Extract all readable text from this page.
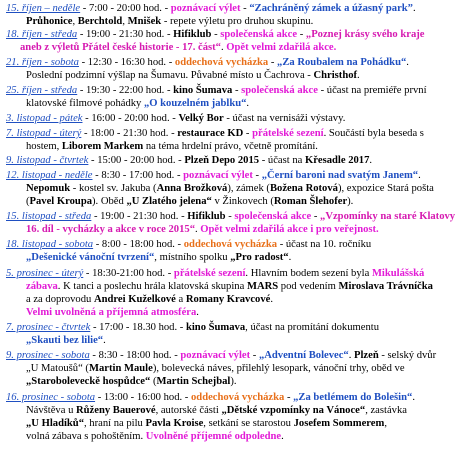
15. říjen – neděle - 7:00 - 20:00 hod. - poznávací výlet - “Zachráněný zámek a úžasný park”.
Průhonice, Berchtold, Mnišek - repete výletu pro druhou skupinu.
18. říjen - středa - 19:00 - 21:30 hod. - Hifiklub - společenská akce - „Poznej krásy svého kraje
aneb z výletů Přátel české historie - 17. část“. Opět velmi zdařilá akce.
21. říjen - sobota - 12:30 - 16:30 hod. - oddechová vycházka - „Za Roubalem na Pohádku“.
Poslední podzimní výšlap na Šumavu. Půvabné místo u Čachrova - Christhof.
25. říjen - středa - 19:30 - 22:00 hod. - kino Šumava - společenská akce - účast na premiéře první
klatovské filmové pohádky „O kouzelném jablku“.
3. listopad - pátek - 16:00 - 20:00 hod. - Velký Bor - účast na vernisáži výstavy.
7. listopad - úterý - 18:00 - 21:30 hod. - restaurace KD - přátelské sezení. Součástí byla beseda s
hostem, Liborem Markem na téma hrdelní právo, včetně promítání.
9. listopad - čtvrtek - 15:00 - 20:00 hod. - Plzeň Depo 2015 - účast na Křesadle 2017.
12. listopad - neděle - 8:30 - 17:00 hod. - poznávací výlet - „Černí baroni nad svatým Janem“.
Nepomuk - kostel sv. Jakuba (Anna Brožková), zámek (Božena Rotová), expozice Stará pošta
(Pavel Kroupa). Oběd „U Zlatého jelena“ v Žinkovech (Roman Šlehofer).
15. listopad - středa - 19:00 - 21:30 hod. - Hifiklub - společenská akce - „Vzpomínky na staré Klatovy
16. díl - vycházky a akce v roce 2015“. Opět velmi zdařilá akce i pro veřejnost.
18. listopad - sobota - 8:00 - 18:00 hod. - oddechová vycházka - účast na 10. ročníku
„Dešenické vánoční tvrzení“, místního spolku „Pro radost“.
5. prosinec - úterý - 18:30-21:00 hod. - přátelské sezení. Hlavním bodem sezení byla Mikulášská
zábava. K tanci a poslechu hrála klatovská skupina MARS pod vedením Miroslava Trávníčka
a za doprovodu Andrei Kuželkové a Romany Kravcové.
Velmi uvolněná a příjemná atmosféra.
7. prosinec - čtvrtek - 17:00 - 18.30 hod. - kino Šumava, účast na promítání dokumentu
„Skauti bez lilie“.
9. prosinec - sobota - 8:30 - 18:00 hod. - poznávací výlet - „Adventní Bolevec“. Plzeň - selský dvůr
„U Matoušů“ (Martin Maule), bolevecká náves, přilehlý lesopark, vánoční trhy, oběd ve
„Staroboleveckě hospůdce“ (Martin Schejbal).
16. prosinec - sobota - 13:00 - 16:00 hod. - oddechová vycházka - „Za betlémem do Bolešin“.
Návštěva u Růženy Bauerové, autorské části „Dětské vzpomínky na Vánoce“, zastávka
„U Hladíků“, hraní na pilu Pavla Kroise, setkání se starostou Josefem Sommerem,
volná zábava s pohoštěním. Uvolněné příjemné odpoledne.
